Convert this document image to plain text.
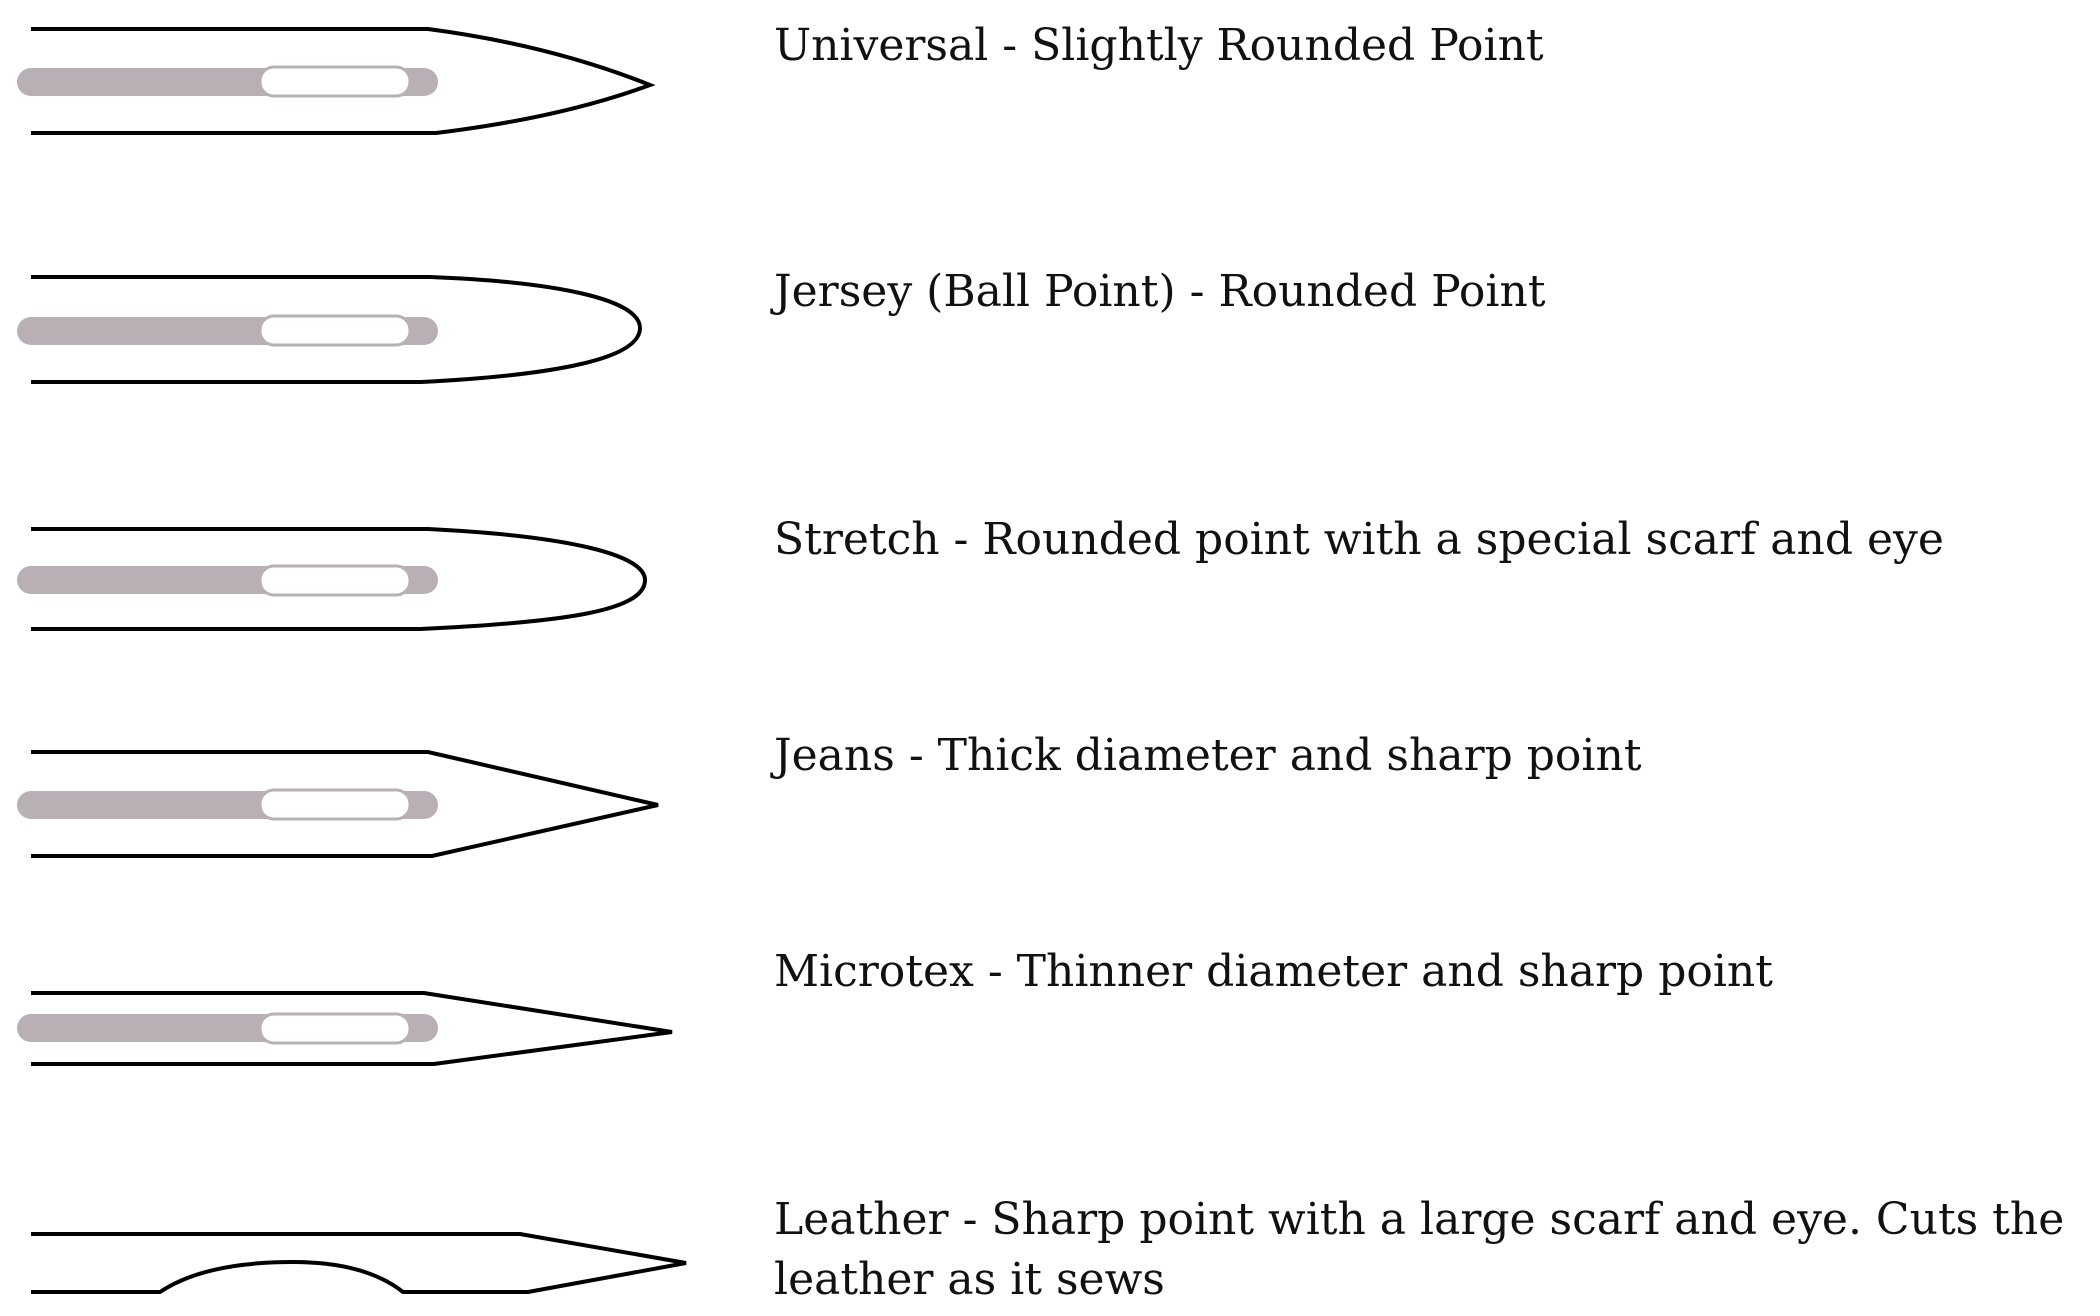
Universal - Slightly Rounded Point
Jersey (Ball Point) - Rounded Point
Stretch - Rounded point with a special scarf and eye
Jeans - Thick diameter and sharp point
Microtex - Thinner diameter and sharp point
Leather - Sharp point with a large scarf and eye. Cuts the leather as it sews
